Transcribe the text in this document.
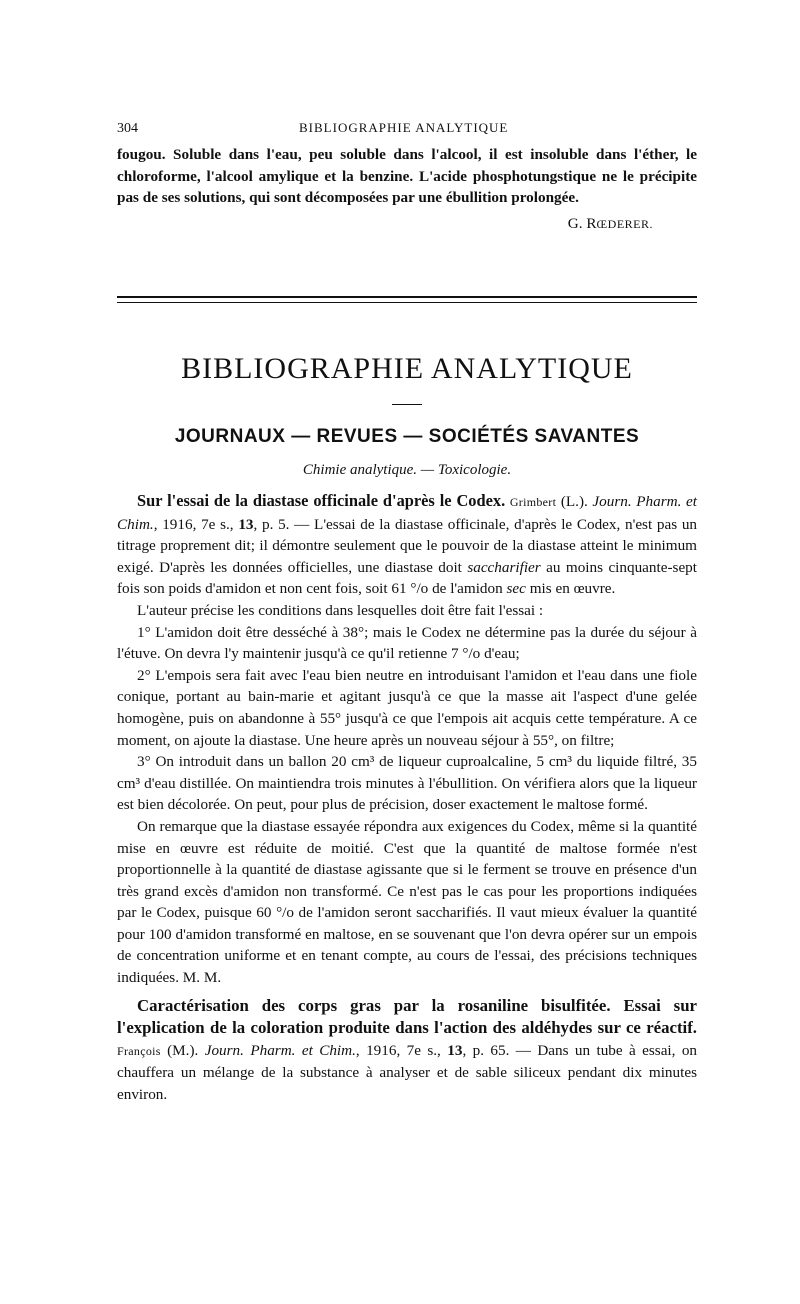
304	BIBLIOGRAPHIE ANALYTIQUE

fougou. Soluble dans l'eau, peu soluble dans l'alcool, il est insoluble dans l'éther, le chloroforme, l'alcool amylique et la benzine. L'acide phosphotungstique ne le précipite pas de ses solutions, qui sont décomposées par une ébullition prolongée.

G. RŒDERER.
BIBLIOGRAPHIE ANALYTIQUE
JOURNAUX — REVUES — SOCIÉTÉS SAVANTES
Chimie analytique. — Toxicologie.

Sur l'essai de la diastase officinale d'après le Codex. Grimbert (L.). Journ. Pharm. et Chim., 1916, 7e s., 13, p. 5. — L'essai de la diastase officinale, d'après le Codex, n'est pas un titrage proprement dit; il démontre seulement que le pouvoir de la diastase atteint le minimum exigé. D'après les données officielles, une diastase doit saccharifier au moins cinquante-sept fois son poids d'amidon et non cent fois, soit 61 °/o de l'amidon sec mis en œuvre.

L'auteur précise les conditions dans lesquelles doit être fait l'essai :

1° L'amidon doit être desséché à 38°; mais le Codex ne détermine pas la durée du séjour à l'étuve. On devra l'y maintenir jusqu'à ce qu'il retienne 7 °/o d'eau;

2° L'empois sera fait avec l'eau bien neutre en introduisant l'amidon et l'eau dans une fiole conique, portant au bain-marie et agitant jusqu'à ce que la masse ait l'aspect d'une gelée homogène, puis on abandonne à 55° jusqu'à ce que l'empois ait acquis cette température. A ce moment, on ajoute la diastase. Une heure après un nouveau séjour à 55°, on filtre;

3° On introduit dans un ballon 20 cm³ de liqueur cuproalcaline, 5 cm³ du liquide filtré, 35 cm³ d'eau distillée. On maintiendra trois minutes à l'ébullition. On vérifiera alors que la liqueur est bien décolorée. On peut, pour plus de précision, doser exactement le maltose formé.

On remarque que la diastase essayée répondra aux exigences du Codex, même si la quantité mise en œuvre est réduite de moitié. C'est que la quantité de maltose formée n'est proportionnelle à la quantité de diastase agissante que si le ferment se trouve en présence d'un très grand excès d'amidon non transformé. Ce n'est pas le cas pour les proportions indiquées par le Codex, puisque 60 °/o de l'amidon seront saccharifiés. Il vaut mieux évaluer la quantité pour 100 d'amidon transformé en maltose, en se souvenant que l'on devra opérer sur un empois de concentration uniforme et en tenant compte, au cours de l'essai, des précisions techniques indiquées. M. M.

Caractérisation des corps gras par la rosaniline bisulfitée. Essai sur l'explication de la coloration produite dans l'action des aldéhydes sur ce réactif. François (M.). Journ. Pharm. et Chim., 1916, 7e s., 13, p. 65. — Dans un tube à essai, on chauffera un mélange de la substance à analyser et de sable siliceux pendant dix minutes environ.
